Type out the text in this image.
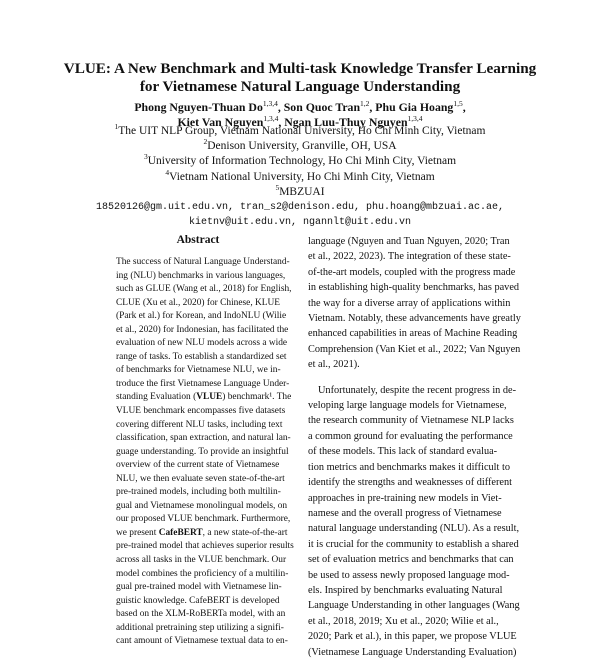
VLUE: A New Benchmark and Multi-task Knowledge Transfer Learning
for Vietnamese Natural Language Understanding
Phong Nguyen-Thuan Do$^{1,3,4}$, Son Quoc Tran$^{1,2}$, Phu Gia Hoang$^{1,5}$,
Kiet Van Nguyen$^{1,3,4}$, Ngan Luu-Thuy Nguyen$^{1,3,4}$
$^1$The UIT NLP Group, Vietnam National University, Ho Chi Minh City, Vietnam
$^2$Denison University, Granville, OH, USA
$^3$University of Information Technology, Ho Chi Minh City, Vietnam
$^4$Vietnam National University, Ho Chi Minh City, Vietnam
$^5$MBZUAI
18520126@gm.uit.edu.vn, tran_s2@denison.edu, phu.hoang@mbzuai.ac.ae,
kietnv@uit.edu.vn, ngannlt@uit.edu.vn
Abstract
The success of Natural Language Understand-
ing (NLU) benchmarks in various languages,
such as GLUE (Wang et al., 2018) for English,
CLUE (Xu et al., 2020) for Chinese, KLUE
(Park et al.) for Korean, and IndoNLU (Wilie
et al., 2020) for Indonesian, has facilitated the
evaluation of new NLU models across a wide
range of tasks. To establish a standardized set
of benchmarks for Vietnamese NLU, we in-
troduce the first Vietnamese Language Under-
standing Evaluation (VLUE) benchmark¹. The
VLUE benchmark encompasses five datasets
covering different NLU tasks, including text
classification, span extraction, and natural lan-
guage understanding. To provide an insightful
overview of the current state of Vietnamese
NLU, we then evaluate seven state-of-the-art
pre-trained models, including both multilin-
gual and Vietnamese monolingual models, on
our proposed VLUE benchmark. Furthermore,
we present CafeBERT, a new state-of-the-art
pre-trained model that achieves superior results
across all tasks in the VLUE benchmark. Our
model combines the proficiency of a multilin-
gual pre-trained model with Vietnamese lin-
guistic knowledge. CafeBERT is developed
based on the XLM-RoBERTa model, with an
additional pretraining step utilizing a signifi-
cant amount of Vietnamese textual data to en-

language (Nguyen and Tuan Nguyen, 2020; Tran
et al., 2022, 2023). The integration of these state-
of-the-art models, coupled with the progress made
in establishing high-quality benchmarks, has paved
the way for a diverse array of applications within
Vietnam. Notably, these advancements have greatly
enhanced capabilities in areas of Machine Reading
Comprehension (Van Kiet et al., 2022; Van Nguyen
et al., 2021).

Unfortunately, despite the recent progress in de-
veloping large language models for Vietnamese,
the research community of Vietnamese NLP lacks
a common ground for evaluating the performance
of these models. This lack of standard evalua-
tion metrics and benchmarks makes it difficult to
identify the strengths and weaknesses of different
approaches in pre-training new models in Viet-
namese and the overall progress of Vietnamese
natural language understanding (NLU). As a result,
it is crucial for the community to establish a shared
set of evaluation metrics and benchmarks that can
be used to assess newly proposed language mod-
els. Inspired by benchmarks evaluating Natural
Language Understanding in other languages (Wang
et al., 2018, 2019; Xu et al., 2020; Wilie et al.,
2020; Park et al.), in this paper, we propose VLUE
(Vietnamese Language Understanding Evaluation)
